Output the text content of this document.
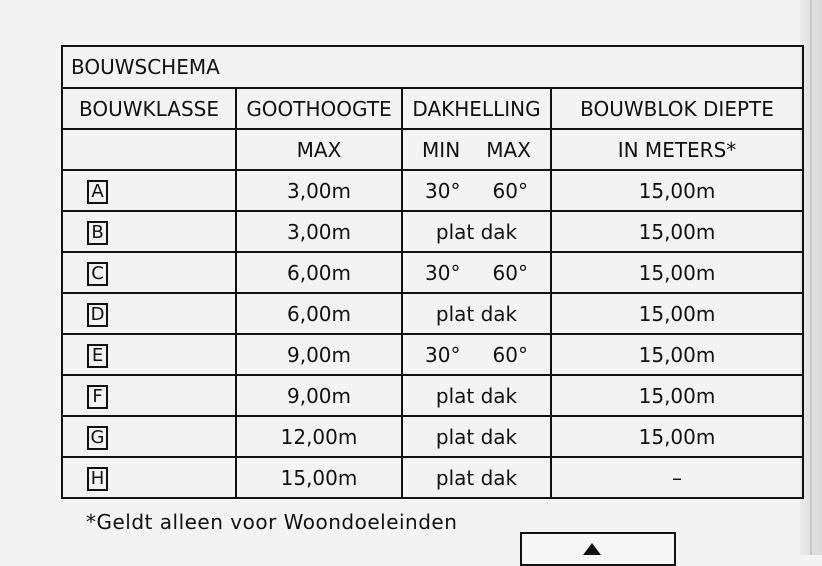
BOUWSCHEMA			
BOUWKLASSE	GOOTHOOGTE	DAKHELLING	BOUWBLOK DIEPTE
	MAX	MIN MAX	IN METERS*
A	3,00m	30° 60°	15,00m
B	3,00m	plat dak	15,00m
C	6,00m	30° 60°	15,00m
D	6,00m	plat dak	15,00m
E	9,00m	30° 60°	15,00m
F	9,00m	plat dak	15,00m
G	12,00m	plat dak	15,00m
H	15,00m	plat dak	–
*Geldt alleen voor Woondoeleinden
